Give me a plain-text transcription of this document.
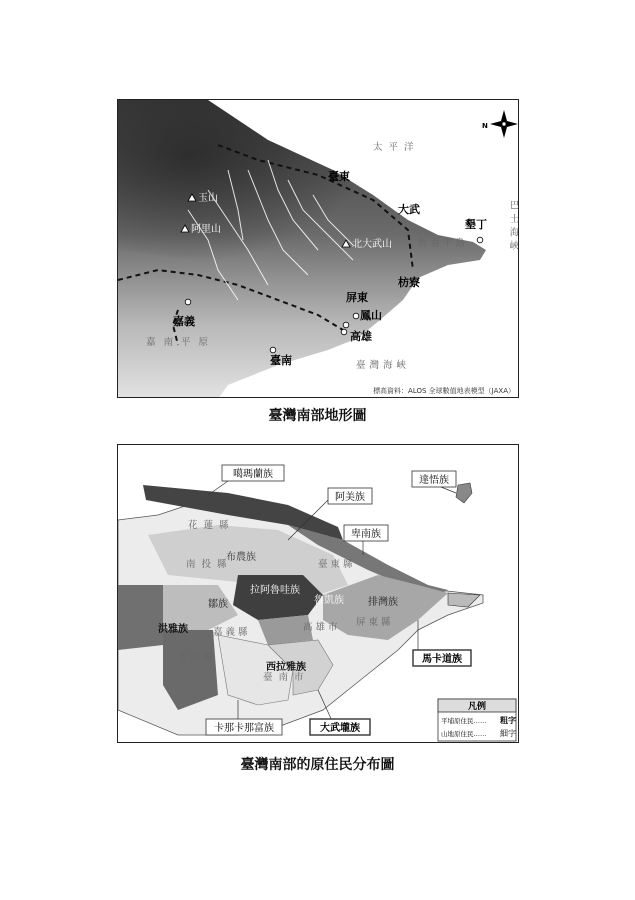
玉山
阿里山
北大武山
臺東
大武
墾丁
枋寮
屏東
鳳山
高雄
臺南
嘉義
太平洋
巴士海峽
臺灣海峽
恆春半島
嘉南平原
N
標高資料：ALOS 全球數值地表模型（JAXA）
臺灣南部地形圖
花蓮縣
南投縣	臺東縣
嘉義縣
雲林縣
高雄市
臺南市
屏東縣
布農族
鄒族
拉阿魯哇族
魯凱族 排灣族
洪雅族
西拉雅族
噶瑪蘭族
阿美族
卑南族
達悟族
馬卡道族
卡那卡那富族	大武壠族
凡例
平埔原住民…… 粗字
山地原住民…… 細字
臺灣南部的原住民分布圖
